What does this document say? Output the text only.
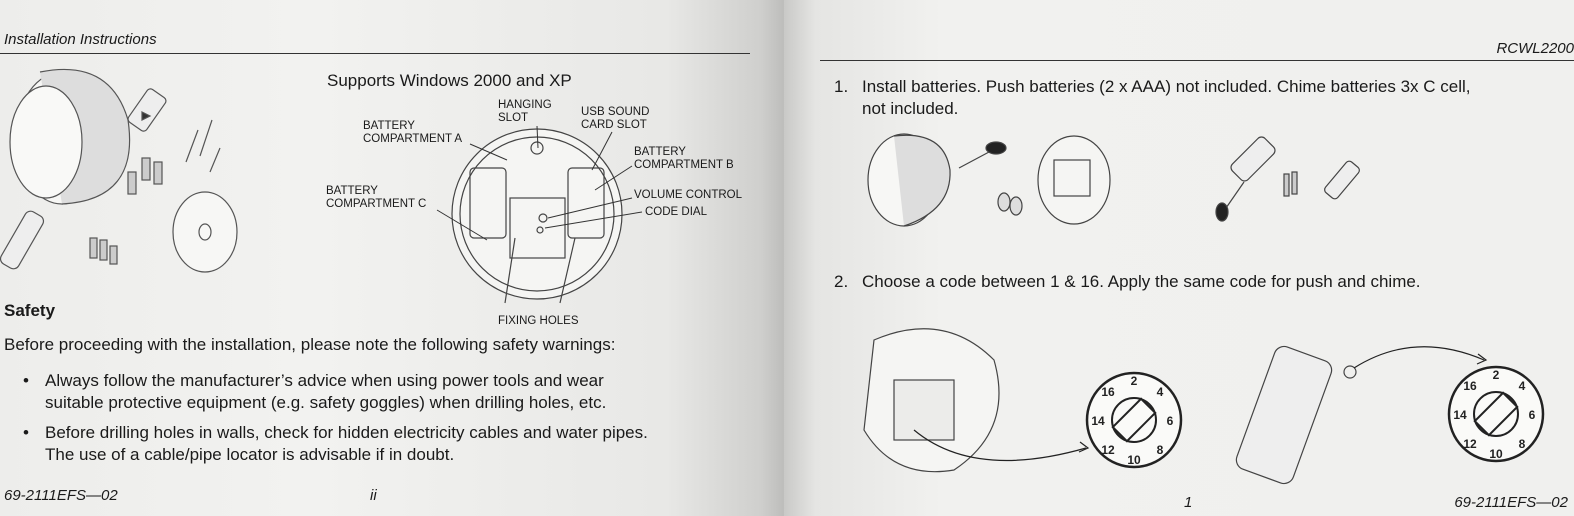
Installation Instructions
Supports Windows 2000 and XP
HANGING
SLOT	USB SOUND
CARD SLOT
BATTERY
COMPARTMENT A
BATTERY
COMPARTMENT B
BATTERY
COMPARTMENT C
VOLUME CONTROL
CODE DIAL
FIXING HOLES
Safety
Before proceeding with the installation, please note the following safety warnings:
• Always follow the manufacturer’s advice when using power tools and wear
suitable protective equipment (e.g. safety goggles) when drilling holes, etc.
• Before drilling holes in walls, check for hidden electricity cables and water pipes.
The use of a cable/pipe locator is advisable if in doubt.
69-2111EFS—02	ii
RCWL2200
1. Install batteries. Push batteries (2 x AAA) not included. Chime batteries 3x C cell,
not included.
2. Choose a code between 1 & 16. Apply the same code for push and chime.
2
4
6
8
10
12
14
16
2
4
6
8
10
12
14
16
1	69-2111EFS—02
